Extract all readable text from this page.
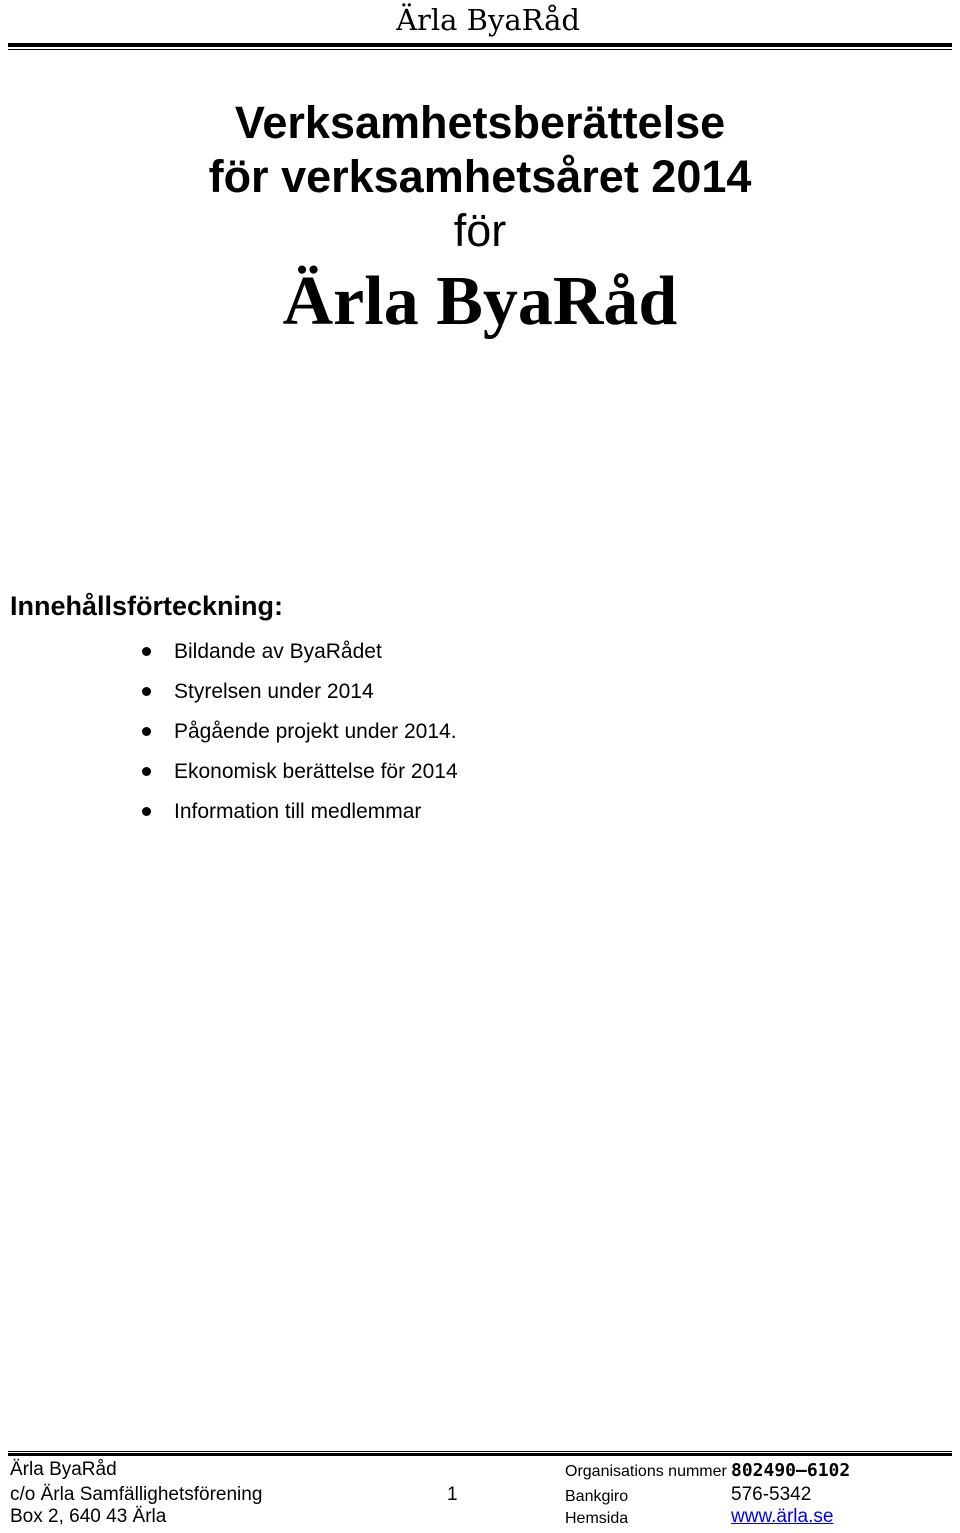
Ärla ByaRåd
Verksamhetsberättelse
för verksamhetsåret 2014
för
Ärla ByaRåd
Innehållsförteckning:
Bildande av ByaRådet
Styrelsen under 2014
Pågående projekt under 2014.
Ekonomisk berättelse för 2014
Information till medlemmar
Ärla ByaRåd
c/o Ärla Samfällighetsförening
Box 2, 640 43 Ärla
1
Organisations nummer 802490–6102
Bankgiro	576-5342
Hemsida	www.ärla.se
